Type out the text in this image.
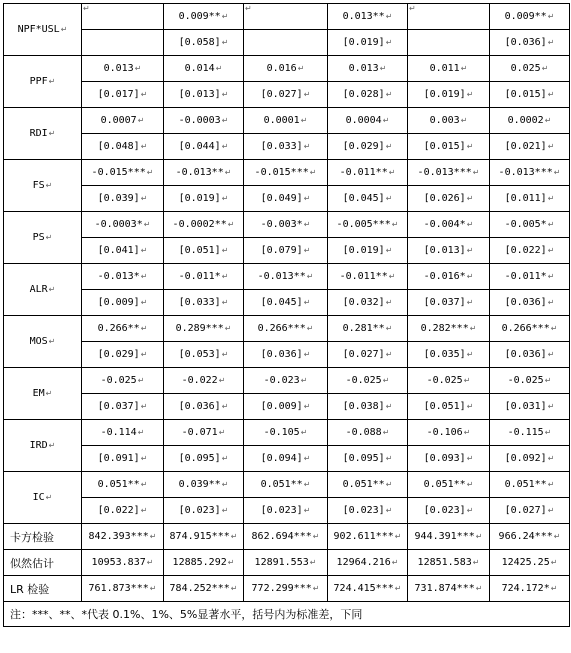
NPF*USL↵	↵	0.009**↵	↵	0.013**↵	↵	0.009**↵
		[0.058]↵		[0.019]↵		[0.036]↵
PPF↵	0.013↵	0.014↵	0.016↵	0.013↵	0.011↵	0.025↵
	[0.017]↵	[0.013]↵	[0.027]↵	[0.028]↵	[0.019]↵	[0.015]↵
RDI↵	0.0007↵	-0.0003↵	0.0001↵	0.0004↵	0.003↵	0.0002↵
	[0.048]↵	[0.044]↵	[0.033]↵	[0.029]↵	[0.015]↵	[0.021]↵
FS↵	-0.015***↵	-0.013**↵	-0.015***↵	-0.011**↵	-0.013***↵	-0.013***↵
	[0.039]↵	[0.019]↵	[0.049]↵	[0.045]↵	[0.026]↵	[0.011]↵
PS↵	-0.0003*↵	-0.0002**↵	-0.003*↵	-0.005***↵	-0.004*↵	-0.005*↵
	[0.041]↵	[0.051]↵	[0.079]↵	[0.019]↵	[0.013]↵	[0.022]↵
ALR↵	-0.013*↵	-0.011*↵	-0.013**↵	-0.011**↵	-0.016*↵	-0.011*↵
	[0.009]↵	[0.033]↵	[0.045]↵	[0.032]↵	[0.037]↵	[0.036]↵
MOS↵	0.266**↵	0.289***↵	0.266***↵	0.281**↵	0.282***↵	0.266***↵
	[0.029]↵	[0.053]↵	[0.036]↵	[0.027]↵	[0.035]↵	[0.036]↵
EM↵	-0.025↵	-0.022↵	-0.023↵	-0.025↵	-0.025↵	-0.025↵
	[0.037]↵	[0.036]↵	[0.009]↵	[0.038]↵	[0.051]↵	[0.031]↵
IRD↵	-0.114↵	-0.071↵	-0.105↵	-0.088↵	-0.106↵	-0.115↵
	[0.091]↵	[0.095]↵	[0.094]↵	[0.095]↵	[0.093]↵	[0.092]↵
IC↵	0.051**↵	0.039**↵	0.051**↵	0.051**↵	0.051**↵	0.051**↵
	[0.022]↵	[0.023]↵	[0.023]↵	[0.023]↵	[0.023]↵	[0.027]↵
卡方检验	842.393***↵	874.915***↵	862.694***↵	902.611***↵	944.391***↵	966.24***↵
似然估计	10953.837↵	12885.292↵	12891.553↵	12964.216↵	12851.583↵	12425.25↵
LR 检验	761.873***↵	784.252***↵	772.299***↵	724.415***↵	731.874***↵	724.172*↵
注：***、**、*代表 0.1%、1%、5%显著水平，括号内为标准差，下同						
